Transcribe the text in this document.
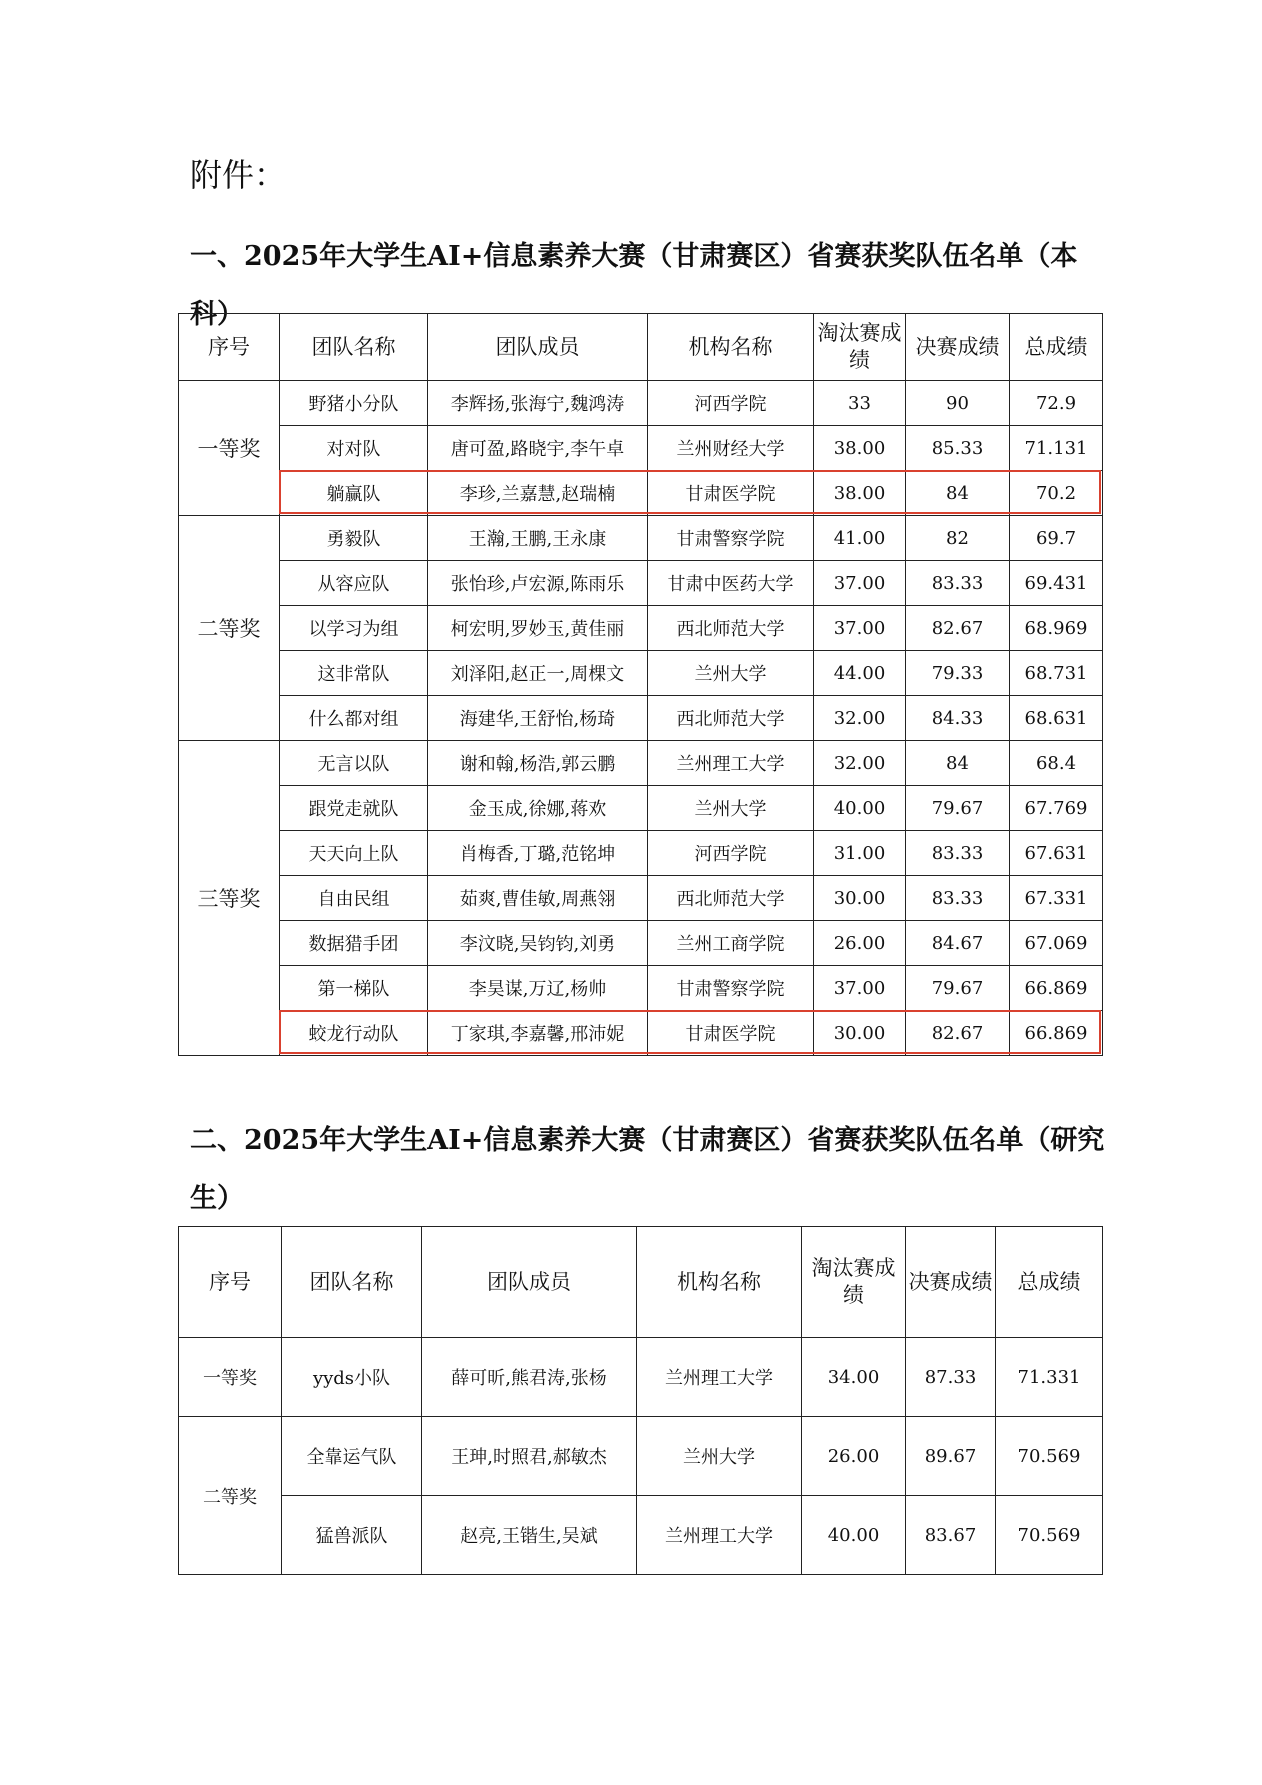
附件：
一、2025年大学生AI+信息素养大赛（甘肃赛区）省赛获奖队伍名单（本科）
序号	团队名称	团队成员	机构名称	淘汰赛成绩	决赛成绩	总成绩
一等奖	野猪小分队	李辉扬,张海宁,魏鸿涛	河西学院	33	90	72.9
	对对队	唐可盈,路晓宇,李午卓	兰州财经大学	38.00	85.33	71.131
	躺赢队	李珍,兰嘉慧,赵瑞楠	甘肃医学院	38.00	84	70.2
二等奖	勇毅队	王瀚,王鹏,王永康	甘肃警察学院	41.00	82	69.7
	从容应队	张怡珍,卢宏源,陈雨乐	甘肃中医药大学	37.00	83.33	69.431
	以学习为组	柯宏明,罗妙玉,黄佳丽	西北师范大学	37.00	82.67	68.969
	这非常队	刘泽阳,赵正一,周棵文	兰州大学	44.00	79.33	68.731
	什么都对组	海建华,王舒怡,杨琦	西北师范大学	32.00	84.33	68.631
三等奖	无言以队	谢和翰,杨浩,郭云鹏	兰州理工大学	32.00	84	68.4
	跟党走就队	金玉成,徐娜,蒋欢	兰州大学	40.00	79.67	67.769
	天天向上队	肖梅香,丁璐,范铭坤	河西学院	31.00	83.33	67.631
	自由民组	茹爽,曹佳敏,周燕翎	西北师范大学	30.00	83.33	67.331
	数据猎手团	李汶晓,吴钧钧,刘勇	兰州工商学院	26.00	84.67	67.069
	第一梯队	李昊谋,万辽,杨帅	甘肃警察学院	37.00	79.67	66.869
	蛟龙行动队	丁家琪,李嘉馨,邢沛妮	甘肃医学院	30.00	82.67	66.869
二、2025年大学生AI+信息素养大赛（甘肃赛区）省赛获奖队伍名单（研究生）
序号	团队名称	团队成员	机构名称	淘汰赛成绩	决赛成绩	总成绩
一等奖	yyds小队	薛可昕,熊君涛,张杨	兰州理工大学	34.00	87.33	71.331
二等奖	全靠运气队	王珅,时照君,郝敏杰	兰州大学	26.00	89.67	70.569
	猛兽派队	赵亮,王锴生,吴斌	兰州理工大学	40.00	83.67	70.569
